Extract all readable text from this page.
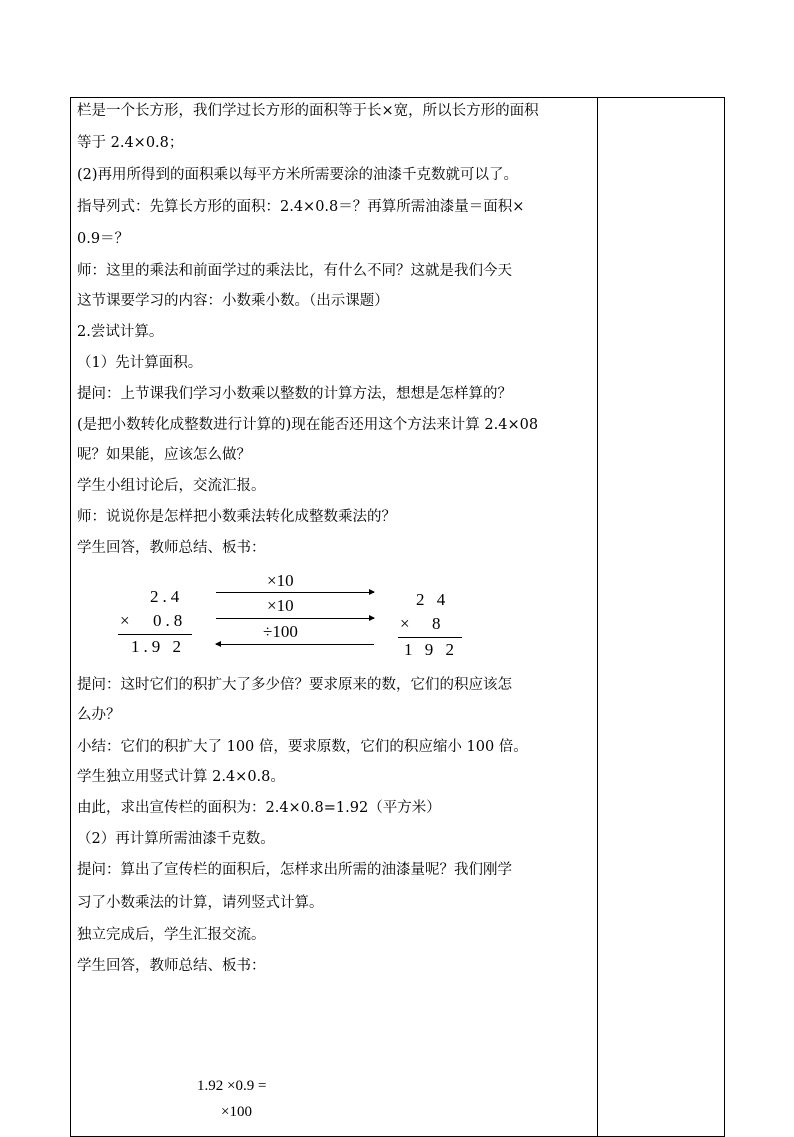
栏是一个长方形，我们学过长方形的面积等于长×宽，所以长方形的面积
等于 2.4×0.8；
(2)再用所得到的面积乘以每平方米所需要涂的油漆千克数就可以了。
指导列式：先算长方形的面积：2.4×0.8＝？再算所需油漆量＝面积×
0.9＝？
师：这里的乘法和前面学过的乘法比，有什么不同？这就是我们今天
这节课要学习的内容：小数乘小数。（出示课题）
2.尝试计算。
（1）先计算面积。
提问：上节课我们学习小数乘以整数的计算方法，想想是怎样算的？
(是把小数转化成整数进行计算的)现在能否还用这个方法来计算 2.4×08
呢？如果能，应该怎么做？
学生小组讨论后，交流汇报。
师：说说你是怎样把小数乘法转化成整数乘法的？
学生回答，教师总结、板书：
2.4
× 0.8
1.9 2
×10
×10
÷100
2 4
× 8
1 9 2
提问：这时它们的积扩大了多少倍？要求原来的数，它们的积应该怎
么办？
小结：它们的积扩大了 100 倍，要求原数，它们的积应缩小 100 倍。
学生独立用竖式计算 2.4×0.8。
由此，求出宣传栏的面积为：2.4×0.8=1.92（平方米）
（2）再计算所需油漆千克数。
提问：算出了宣传栏的面积后，怎样求出所需的油漆量呢？我们刚学
习了小数乘法的计算，请列竖式计算。
独立完成后，学生汇报交流。
学生回答，教师总结、板书：
1.92 ×0.9 =
×100
